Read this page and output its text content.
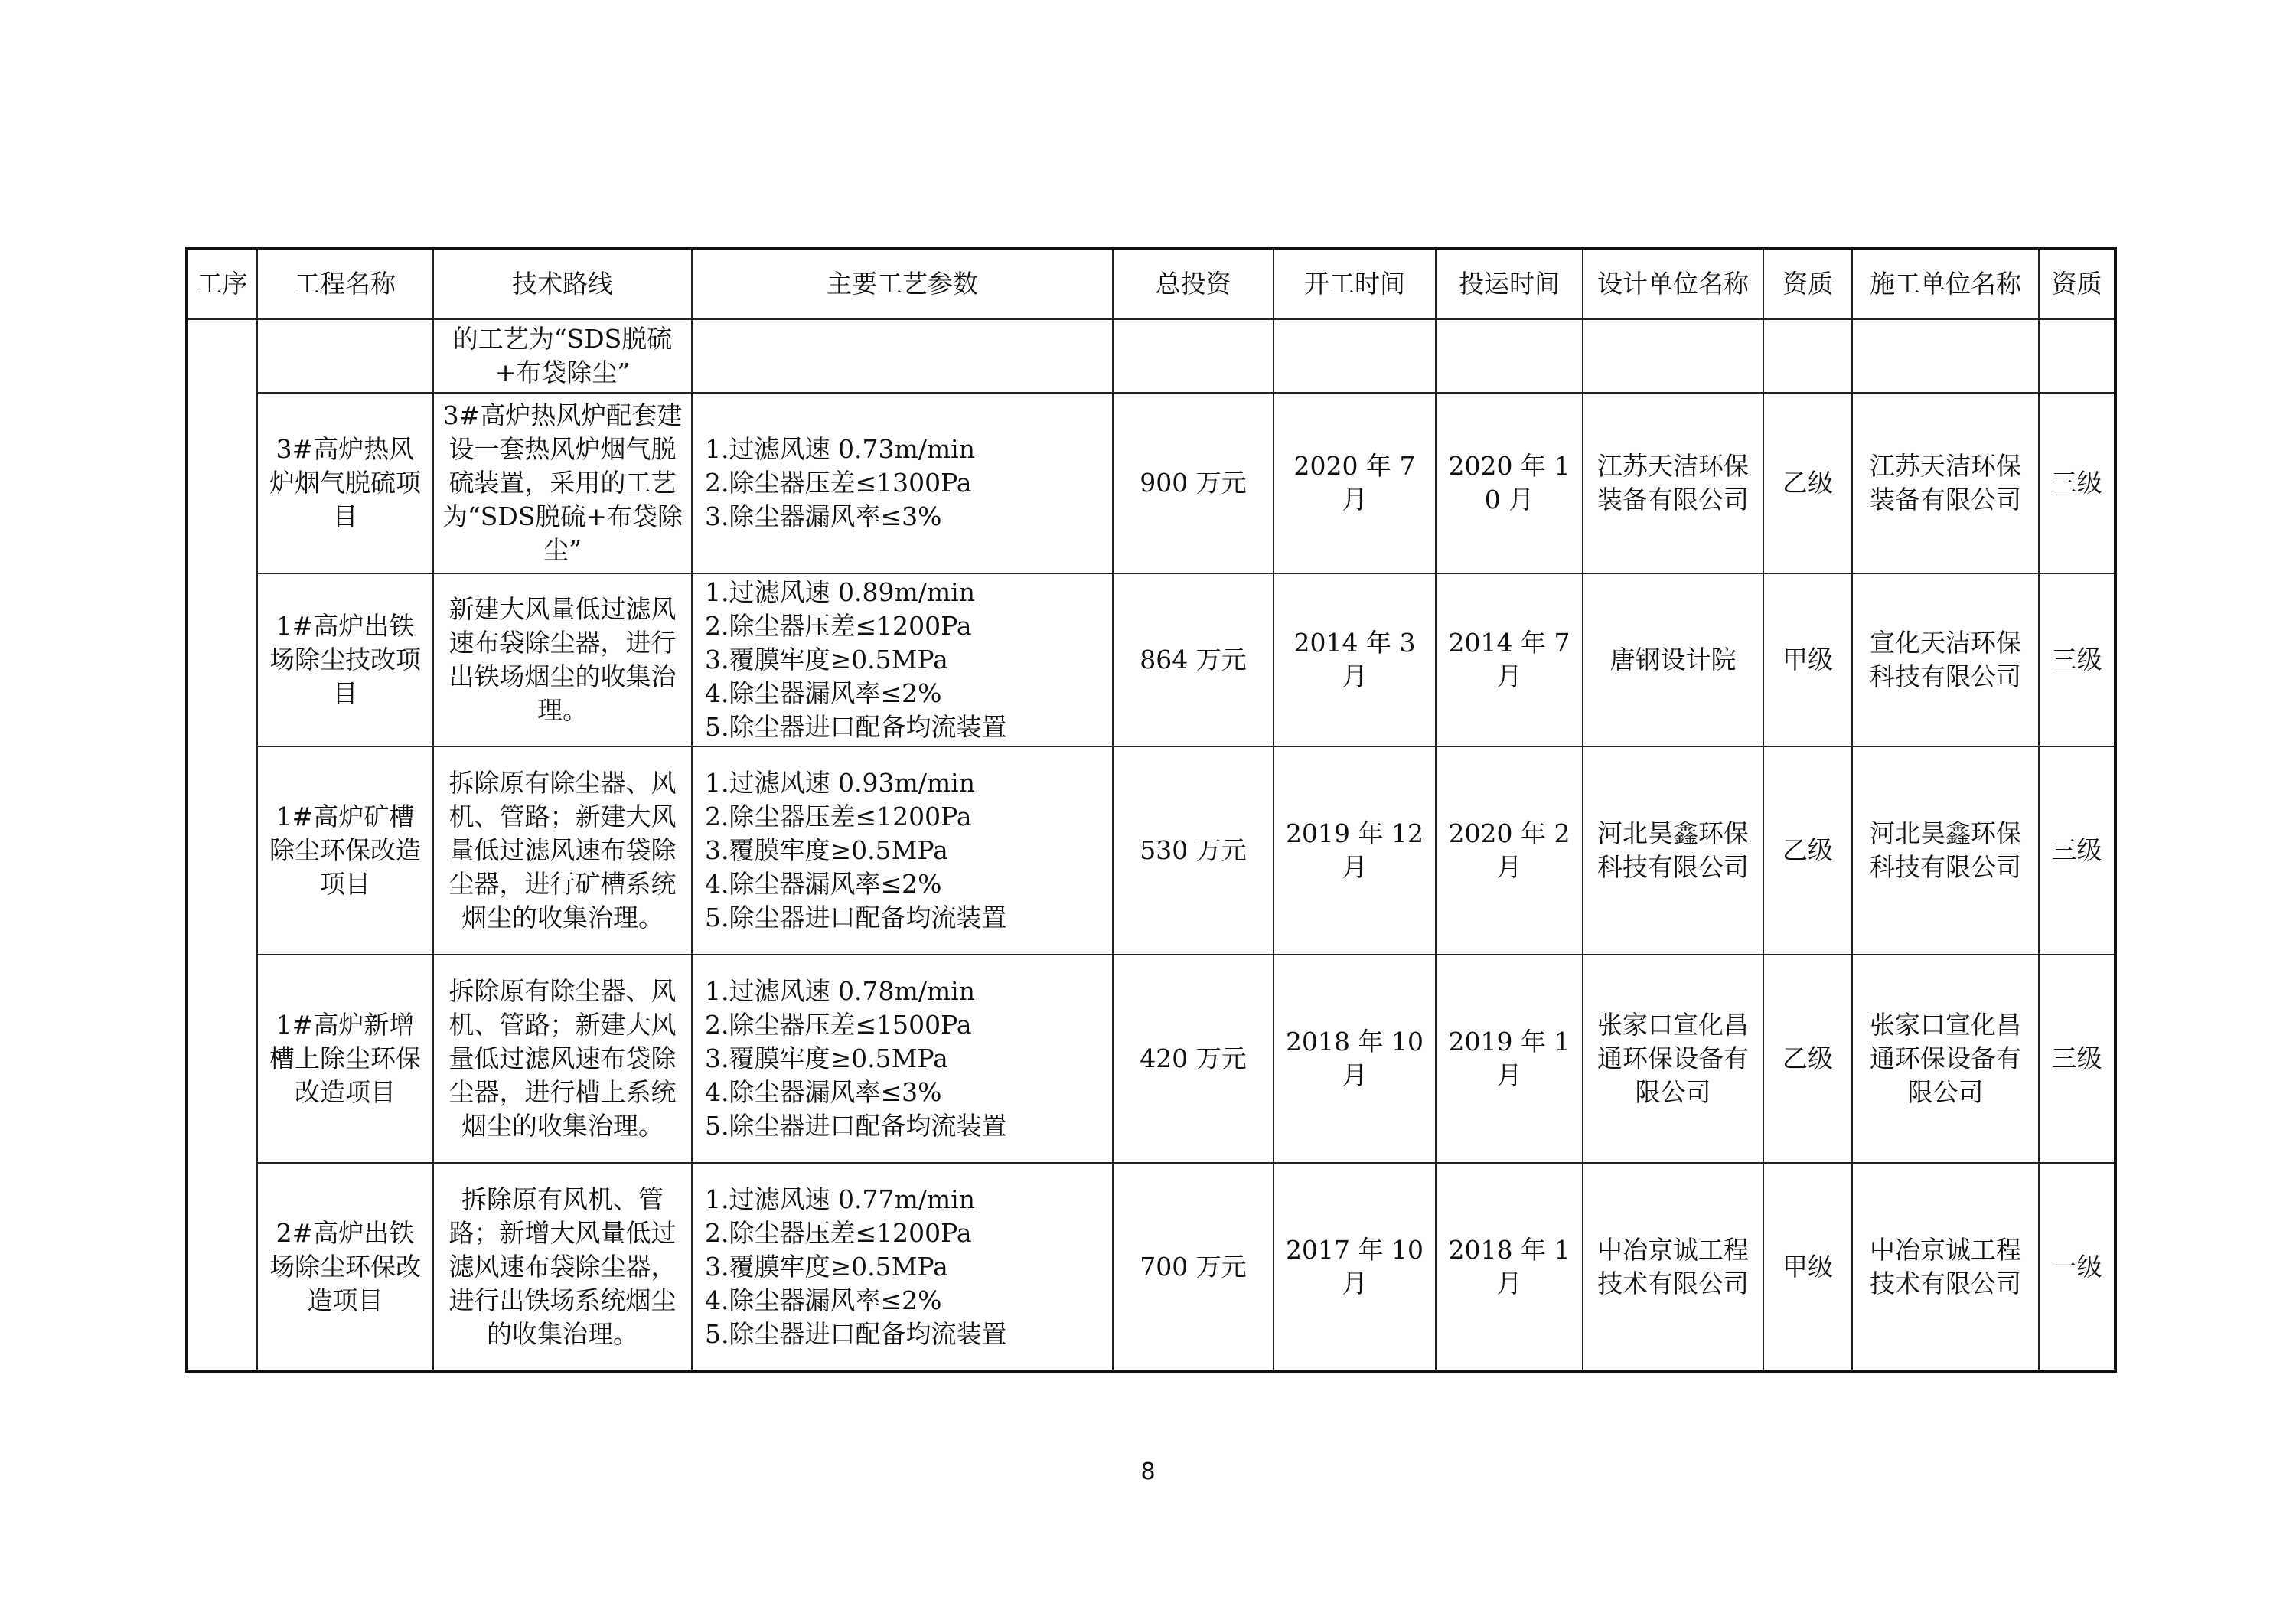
工序	工程名称	技术路线	主要工艺参数	总投资	开工时间	投运时间	设计单位名称	资质	施工单位名称	资质
		的工艺为“SDS脱硫+布袋除尘”								
	3#高炉热风炉烟气脱硫项目	3#高炉热风炉配套建设一套热风炉烟气脱硫装置，采用的工艺为“SDS脱硫+布袋除尘”	1.过滤风速 0.73m/min
2.除尘器压差≤1300Pa
3.除尘器漏风率≤3%	900 万元	2020 年 7 月	2020 年 10 月	江苏天洁环保装备有限公司	乙级	江苏天洁环保装备有限公司	三级
	1#高炉出铁场除尘技改项目	新建大风量低过滤风速布袋除尘器，进行出铁场烟尘的收集治理。	1.过滤风速 0.89m/min
2.除尘器压差≤1200Pa
3.覆膜牢度≥0.5MPa
4.除尘器漏风率≤2%
5.除尘器进口配备均流装置	864 万元	2014 年 3 月	2014 年 7 月	唐钢设计院	甲级	宣化天洁环保科技有限公司	三级
	1#高炉矿槽除尘环保改造项目	拆除原有除尘器、风机、管路；新建大风量低过滤风速布袋除尘器，进行矿槽系统烟尘的收集治理。	1.过滤风速 0.93m/min
2.除尘器压差≤1200Pa
3.覆膜牢度≥0.5MPa
4.除尘器漏风率≤2%
5.除尘器进口配备均流装置	530 万元	2019 年 12 月	2020 年 2 月	河北昊鑫环保科技有限公司	乙级	河北昊鑫环保科技有限公司	三级
	1#高炉新增槽上除尘环保改造项目	拆除原有除尘器、风机、管路；新建大风量低过滤风速布袋除尘器，进行槽上系统烟尘的收集治理。	1.过滤风速 0.78m/min
2.除尘器压差≤1500Pa
3.覆膜牢度≥0.5MPa
4.除尘器漏风率≤3%
5.除尘器进口配备均流装置	420 万元	2018 年 10 月	2019 年 1 月	张家口宣化昌通环保设备有限公司	乙级	张家口宣化昌通环保设备有限公司	三级
	2#高炉出铁场除尘环保改造项目	拆除原有风机、管路；新增大风量低过滤风速布袋除尘器，进行出铁场系统烟尘的收集治理。	1.过滤风速 0.77m/min
2.除尘器压差≤1200Pa
3.覆膜牢度≥0.5MPa
4.除尘器漏风率≤2%
5.除尘器进口配备均流装置	700 万元	2017 年 10 月	2018 年 1 月	中冶京诚工程技术有限公司	甲级	中冶京诚工程技术有限公司	一级
8
